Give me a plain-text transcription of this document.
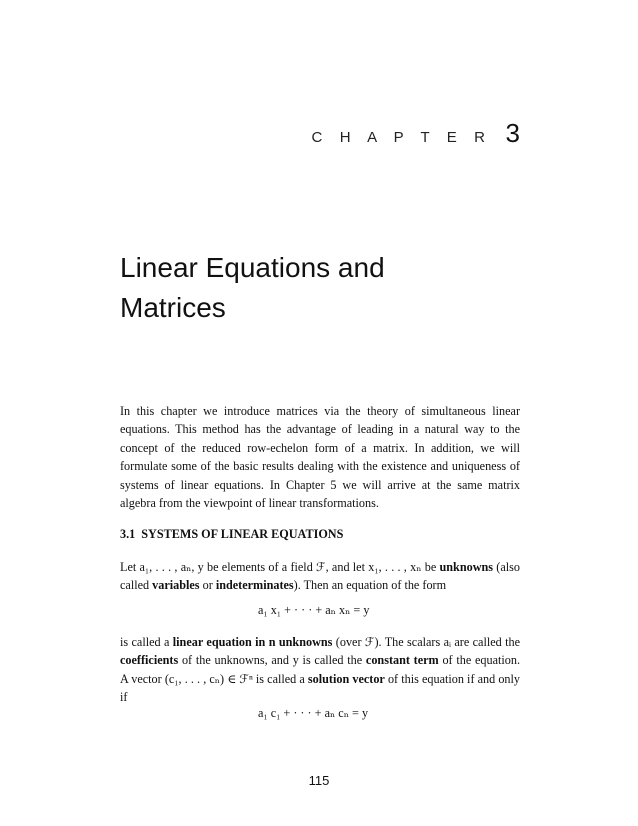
C H A P T E R 3
Linear Equations and
Matrices

In this chapter we introduce matrices via the theory of simultaneous linear equations. This method has the advantage of leading in a natural way to the concept of the reduced row-echelon form of a matrix. In addition, we will formulate some of the basic results dealing with the existence and uniqueness of systems of linear equations. In Chapter 5 we will arrive at the same matrix algebra from the viewpoint of linear transformations.

3.1 SYSTEMS OF LINEAR EQUATIONS

Let a₁, . . . , aₙ, y be elements of a field ℱ, and let x₁, . . . , xₙ be unknowns (also called variables or indeterminates). Then an equation of the form

a₁ x₁ + · · · + aₙ xₙ = y

is called a linear equation in n unknowns (over ℱ). The scalars aᵢ are called the coefficients of the unknowns, and y is called the constant term of the equation. A vector (c₁, . . . , cₙ) ∈ ℱⁿ is called a solution vector of this equation if and only if

a₁ c₁ + · · · + aₙ cₙ = y
115
